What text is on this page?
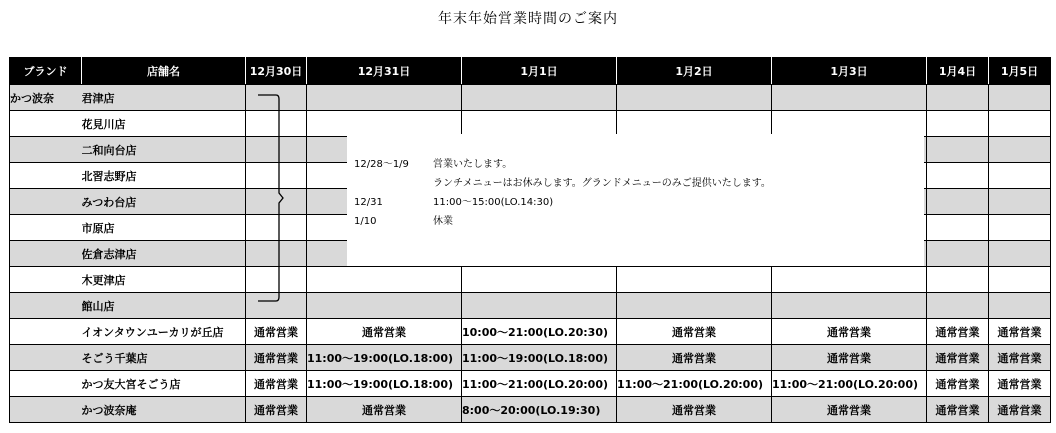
年末年始営業時間のご案内
ブランド	店舗名	12月30日	12月31日	1月1日	1月2日	1月3日	1月4日	1月5日
かつ波奈	君津店							
	花見川店							
	二和向台店							
	北習志野店							
	みつわ台店							
	市原店							
	佐倉志津店							
	木更津店							
	館山店							
	イオンタウンユーカリが丘店	通常営業	通常営業	10:00～21:00(LO.20:30)	通常営業	通常営業	通常営業	通常営業
	そごう千葉店	通常営業	11:00～19:00(LO.18:00)	11:00～19:00(LO.18:00)	通常営業	通常営業	通常営業	通常営業
	かつ友大宮そごう店	通常営業	11:00～19:00(LO.18:00)	11:00～21:00(LO.20:00)	11:00～21:00(LO.20:00)	11:00～21:00(LO.20:00)	通常営業	通常営業
	かつ波奈庵	通常営業	通常営業	8:00～20:00(LO.19:30)	通常営業	通常営業	通常営業	通常営業
12/28～1/9	営業いたします。
ランチメニューはお休みします。グランドメニューのみご提供いたします。
12/31	11:00～15:00(LO.14:30)
1/10	休業
